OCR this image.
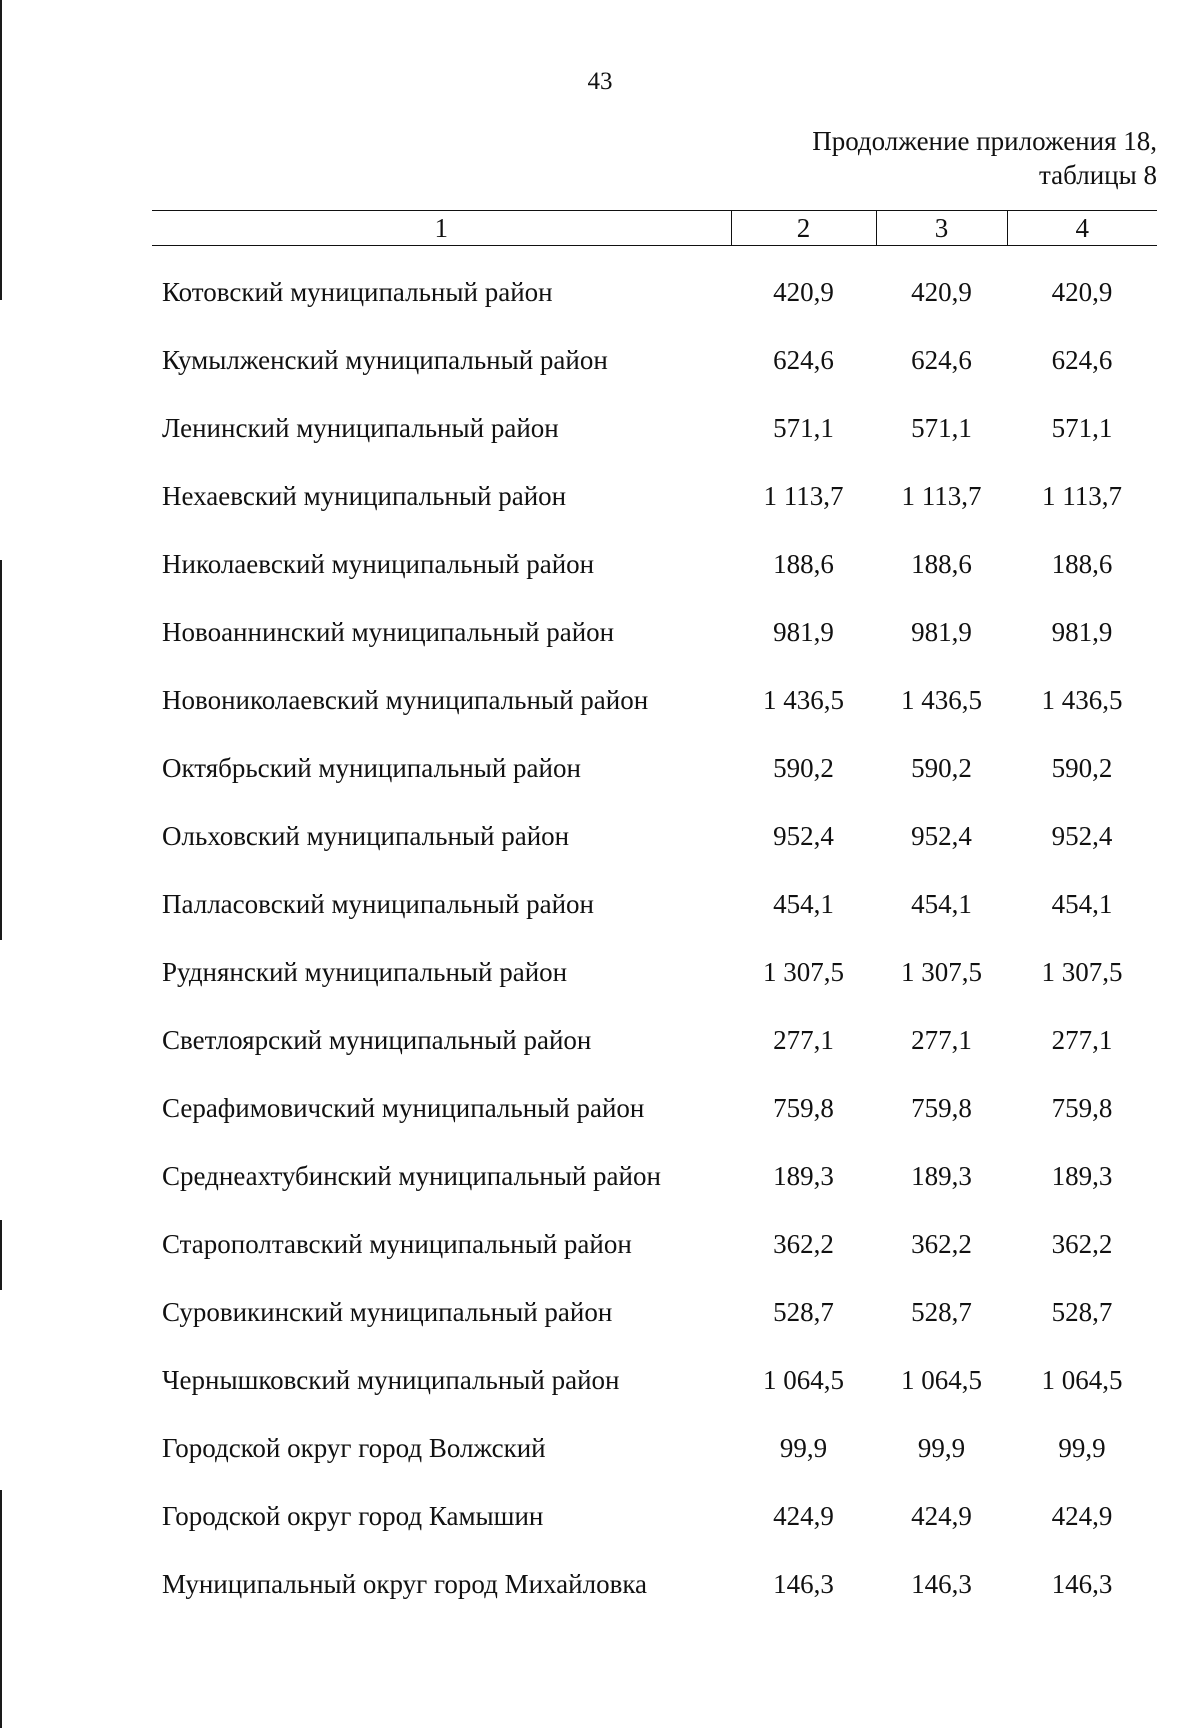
43
Продолжение приложения 18,
таблицы 8
1	2	3	4
Котовский муниципальный район	420,9	420,9	420,9
Кумылженский муниципальный район	624,6	624,6	624,6
Ленинский муниципальный район	571,1	571,1	571,1
Нехаевский муниципальный район	1 113,7	1 113,7	1 113,7
Николаевский муниципальный район	188,6	188,6	188,6
Новоаннинский муниципальный район	981,9	981,9	981,9
Новониколаевский муниципальный район	1 436,5	1 436,5	1 436,5
Октябрьский муниципальный район	590,2	590,2	590,2
Ольховский муниципальный район	952,4	952,4	952,4
Палласовский муниципальный район	454,1	454,1	454,1
Руднянский муниципальный район	1 307,5	1 307,5	1 307,5
Светлоярский муниципальный район	277,1	277,1	277,1
Серафимовичский муниципальный район	759,8	759,8	759,8
Среднеахтубинский муниципальный район	189,3	189,3	189,3
Старополтавский муниципальный район	362,2	362,2	362,2
Суровикинский муниципальный район	528,7	528,7	528,7
Чернышковский муниципальный район	1 064,5	1 064,5	1 064,5
Городской округ город Волжский	99,9	99,9	99,9
Городской округ город Камышин	424,9	424,9	424,9
Муниципальный округ город Михайловка	146,3	146,3	146,3
